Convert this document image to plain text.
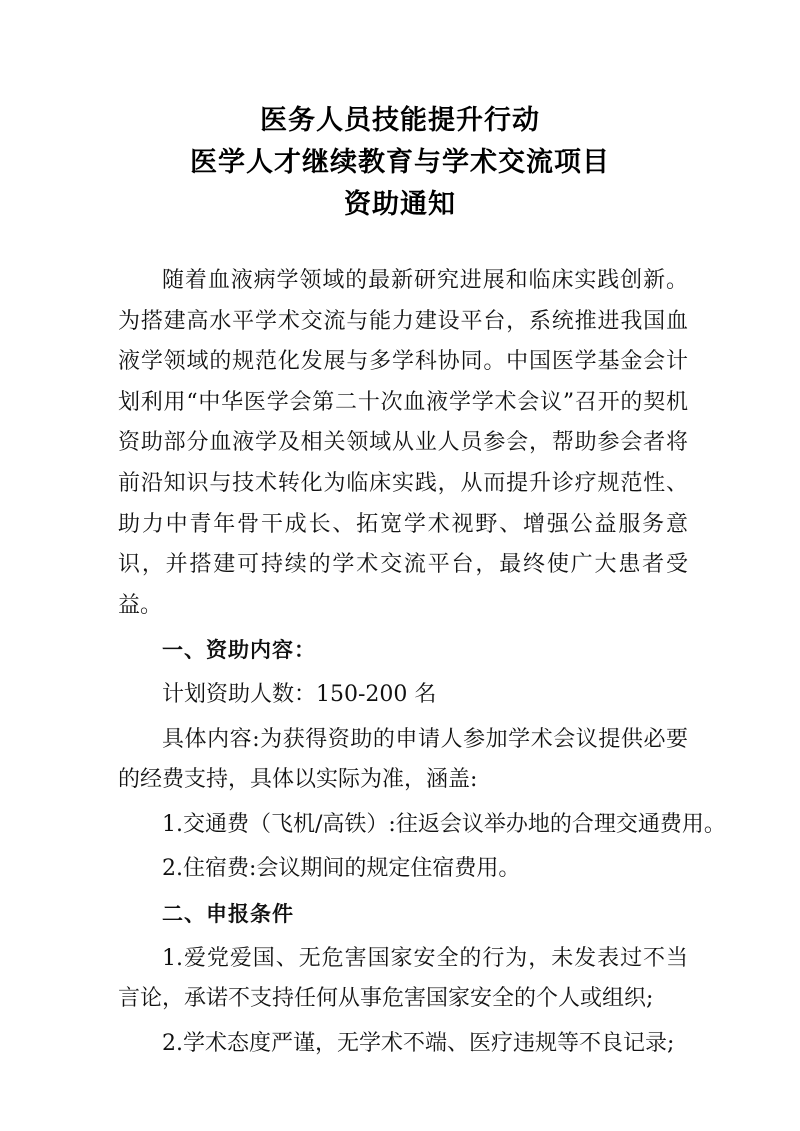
医务人员技能提升行动
医学人才继续教育与学术交流项目
资助通知

随着血液病学领域的最新研究进展和临床实践创新。为搭建高水平学术交流与能力建设平台，系统推进我国血液学领域的规范化发展与多学科协同。中国医学基金会计划利用“中华医学会第二十次血液学学术会议”召开的契机资助部分血液学及相关领域从业人员参会，帮助参会者将前沿知识与技术转化为临床实践，从而提升诊疗规范性、助力中青年骨干成长、拓宽学术视野、增强公益服务意识，并搭建可持续的学术交流平台，最终使广大患者受益。

一、资助内容：

计划资助人数：150-200 名

具体内容:为获得资助的申请人参加学术会议提供必要的经费支持，具体以实际为准，涵盖:

1.交通费（飞机/高铁）:往返会议举办地的合理交通费用。

2.住宿费:会议期间的规定住宿费用。

二、申报条件

1.爱党爱国、无危害国家安全的行为，未发表过不当言论，承诺不支持任何从事危害国家安全的个人或组织;

2.学术态度严谨，无学术不端、医疗违规等不良记录;
